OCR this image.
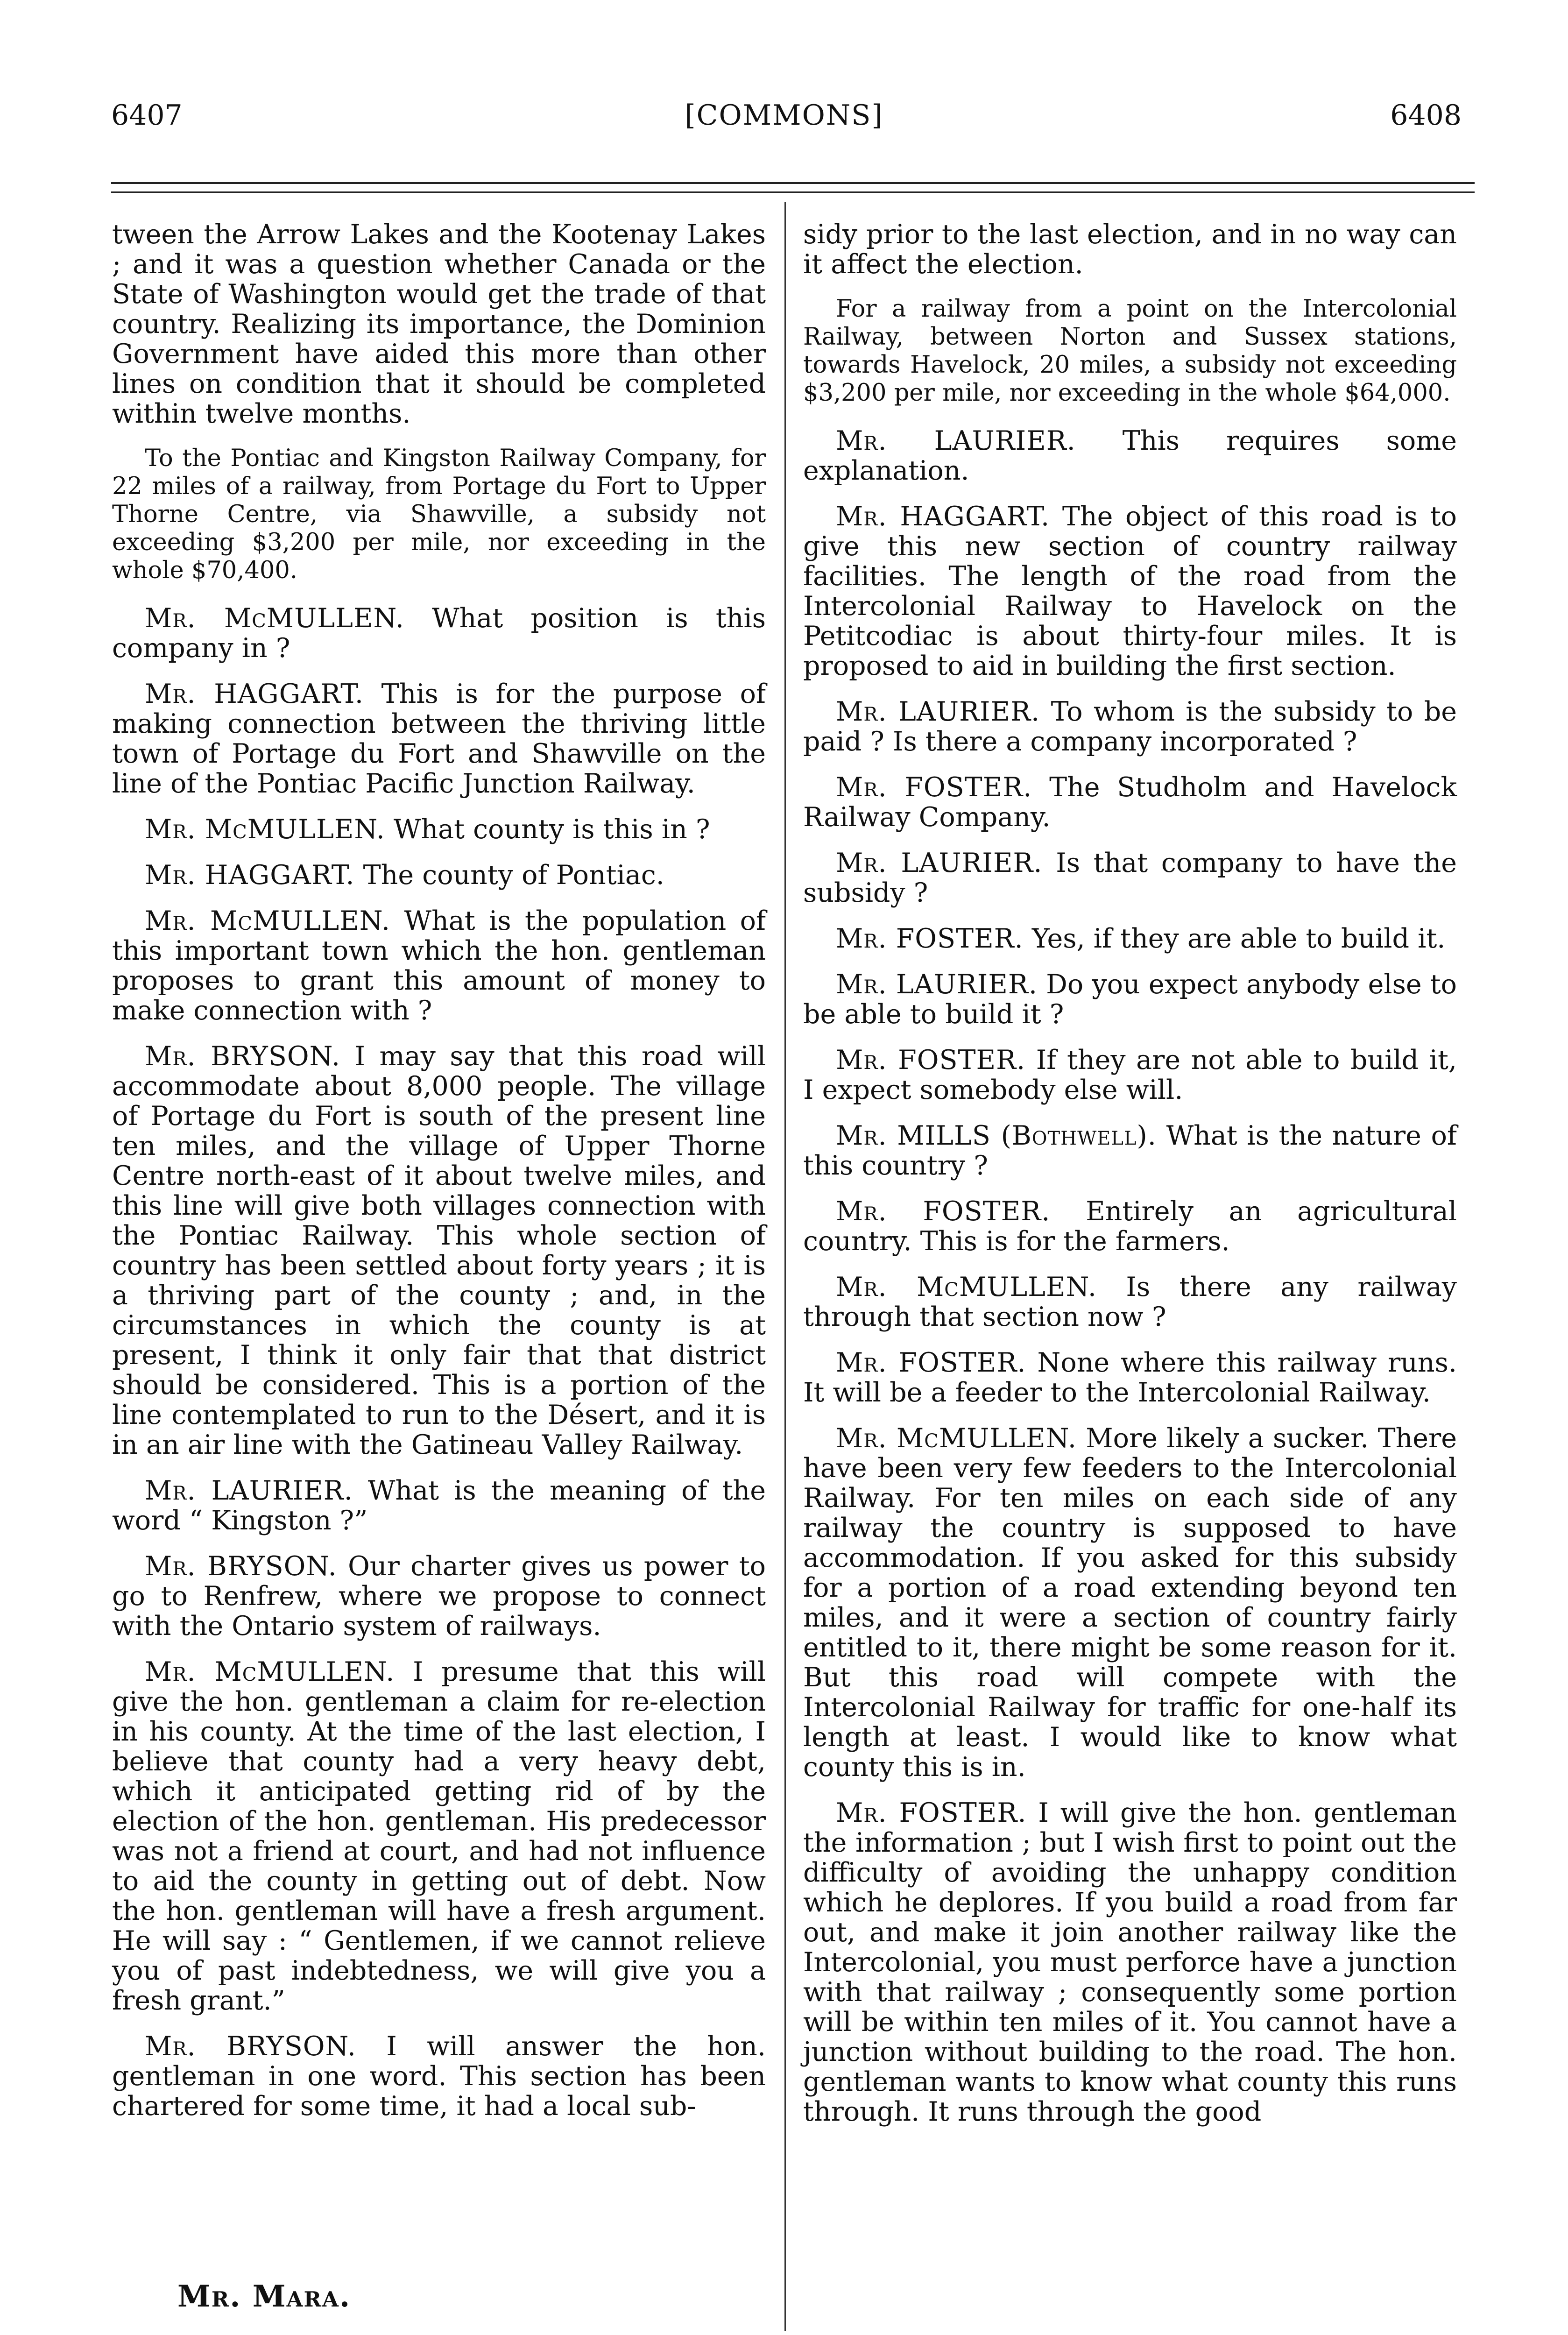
6407	[COMMONS]	6408

tween the Arrow Lakes and the Kootenay Lakes ; and it was a question whether Canada or the State of Washington would get the trade of that country. Realizing its importance, the Dominion Government have aided this more than other lines on condition that it should be completed within twelve months.

To the Pontiac and Kingston Railway Company, for 22 miles of a railway, from Portage du Fort to Upper Thorne Centre, via Shawville, a subsidy not exceeding $3,200 per mile, nor exceeding in the whole $70,400.

Mr. McMULLEN. What position is this company in ?

Mr. HAGGART. This is for the purpose of making connection between the thriving little town of Portage du Fort and Shawville on the line of the Pontiac Pacific Junction Railway.

Mr. McMULLEN. What county is this in ?

Mr. HAGGART. The county of Pontiac.

Mr. McMULLEN. What is the population of this important town which the hon. gentleman proposes to grant this amount of money to make connection with ?

Mr. BRYSON. I may say that this road will accommodate about 8,000 people. The village of Portage du Fort is south of the present line ten miles, and the village of Upper Thorne Centre north-east of it about twelve miles, and this line will give both villages connection with the Pontiac Railway. This whole section of country has been settled about forty years ; it is a thriving part of the county ; and, in the circumstances in which the county is at present, I think it only fair that that district should be considered. This is a portion of the line contemplated to run to the Désert, and it is in an air line with the Gatineau Valley Railway.

Mr. LAURIER. What is the meaning of the word “ Kingston ?”

Mr. BRYSON. Our charter gives us power to go to Renfrew, where we propose to connect with the Ontario system of railways.

Mr. McMULLEN. I presume that this will give the hon. gentleman a claim for re-election in his county. At the time of the last election, I believe that county had a very heavy debt, which it anticipated getting rid of by the election of the hon. gentleman. His predecessor was not a friend at court, and had not influence to aid the county in getting out of debt. Now the hon. gentleman will have a fresh argument. He will say : “ Gentlemen, if we cannot relieve you of past indebtedness, we will give you a fresh grant.”

Mr. BRYSON. I will answer the hon. gentleman in one word. This section has been chartered for some time, it had a local sub-

sidy prior to the last election, and in no way can it affect the election.

For a railway from a point on the Intercolonial Railway, between Norton and Sussex stations, towards Havelock, 20 miles, a subsidy not exceeding $3,200 per mile, nor exceeding in the whole $64,000.

Mr. LAURIER. This requires some explanation.

Mr. HAGGART. The object of this road is to give this new section of country railway facilities. The length of the road from the Intercolonial Railway to Havelock on the Petitcodiac is about thirty-four miles. It is proposed to aid in building the first section.

Mr. LAURIER. To whom is the subsidy to be paid ? Is there a company incorporated ?

Mr. FOSTER. The Studholm and Havelock Railway Company.

Mr. LAURIER. Is that company to have the subsidy ?

Mr. FOSTER. Yes, if they are able to build it.

Mr. LAURIER. Do you expect anybody else to be able to build it ?

Mr. FOSTER. If they are not able to build it, I expect somebody else will.

Mr. MILLS (Bothwell). What is the nature of this country ?

Mr. FOSTER. Entirely an agricultural country. This is for the farmers.

Mr. McMULLEN. Is there any railway through that section now ?

Mr. FOSTER. None where this railway runs. It will be a feeder to the Intercolonial Railway.

Mr. McMULLEN. More likely a sucker. There have been very few feeders to the Intercolonial Railway. For ten miles on each side of any railway the country is supposed to have accommodation. If you asked for this subsidy for a portion of a road extending beyond ten miles, and it were a section of country fairly entitled to it, there might be some reason for it. But this road will compete with the Intercolonial Railway for traffic for one-half its length at least. I would like to know what county this is in.

Mr. FOSTER. I will give the hon. gentleman the information ; but I wish first to point out the difficulty of avoiding the unhappy condition which he deplores. If you build a road from far out, and make it join another railway like the Intercolonial, you must perforce have a junction with that railway ; consequently some portion will be within ten miles of it. You cannot have a junction without building to the road. The hon. gentleman wants to know what county this runs through. It runs through the good

Mr. Mara.
